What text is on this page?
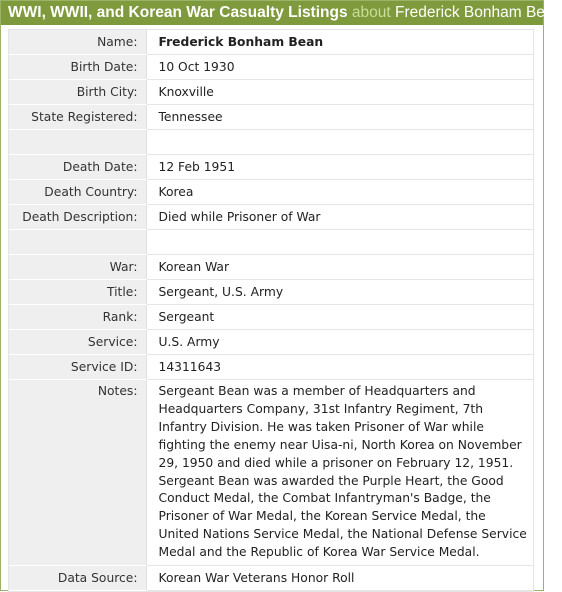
WWI, WWII, and Korean War Casualty Listings about Frederick Bonham Bean
Name:	Frederick Bonham Bean
Birth Date:	10 Oct 1930
Birth City:	Knoxville
State Registered:	Tennessee

Death Date:	12 Feb 1951
Death Country:	Korea
Death Description:	Died while Prisoner of War

War:	Korean War
Title:	Sergeant, U.S. Army
Rank:	Sergeant
Service:	U.S. Army
Service ID:	14311643
Notes:	Sergeant Bean was a member of Headquarters and Headquarters Company, 31st Infantry Regiment, 7th Infantry Division. He was taken Prisoner of War while fighting the enemy near Uisa-ni, North Korea on November 29, 1950 and died while a prisoner on February 12, 1951. Sergeant Bean was awarded the Purple Heart, the Good Conduct Medal, the Combat Infantryman's Badge, the Prisoner of War Medal, the Korean Service Medal, the United Nations Service Medal, the National Defense Service Medal and the Republic of Korea War Service Medal.
Data Source:	Korean War Veterans Honor Roll
